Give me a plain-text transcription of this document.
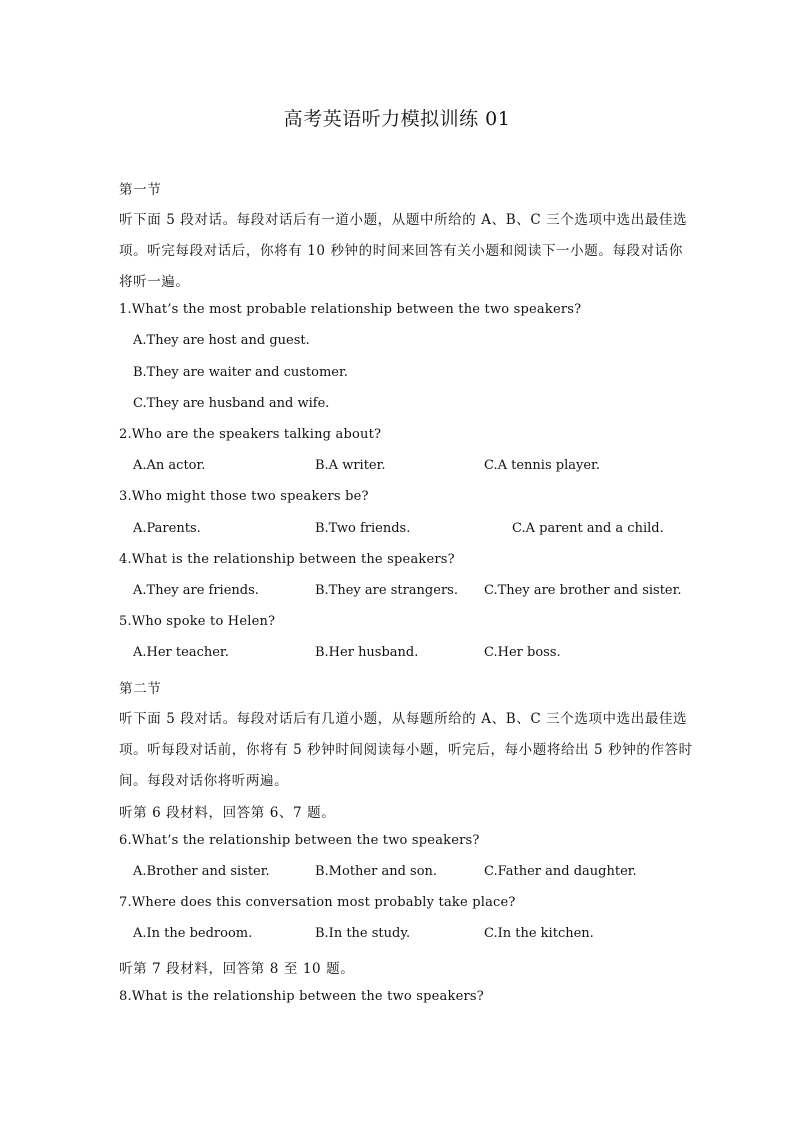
高考英语听力模拟训练 01
第一节
听下面 5 段对话。每段对话后有一道小题，从题中所给的 A、B、C 三个选项中选出最佳选
项。听完每段对话后，你将有 10 秒钟的时间来回答有关小题和阅读下一小题。每段对话你
将听一遍。
1.What’s the most probable relationship between the two speakers?
A.They are host and guest.
B.They are waiter and customer.
C.They are husband and wife.
2.Who are the speakers talking about?
A.An actor.	B.A writer.	C.A tennis player.
3.Who might those two speakers be?
A.Parents.	B.Two friends.	C.A parent and a child.
4.What is the relationship between the speakers?
A.They are friends.	B.They are strangers. C.They are brother and sister.
5.Who spoke to Helen?
A.Her teacher.	B.Her husband.	C.Her boss.
第二节
听下面 5 段对话。每段对话后有几道小题，从每题所给的 A、B、C 三个选项中选出最佳选
项。听每段对话前，你将有 5 秒钟时间阅读每小题，听完后，每小题将给出 5 秒钟的作答时
间。每段对话你将听两遍。
听第 6 段材料，回答第 6、7 题。
6.What’s the relationship between the two speakers?
A.Brother and sister.	B.Mother and son.	C.Father and daughter.
7.Where does this conversation most probably take place?
A.In the bedroom.	B.In the study.	C.In the kitchen.
听第 7 段材料，回答第 8 至 10 题。
8.What is the relationship between the two speakers?
